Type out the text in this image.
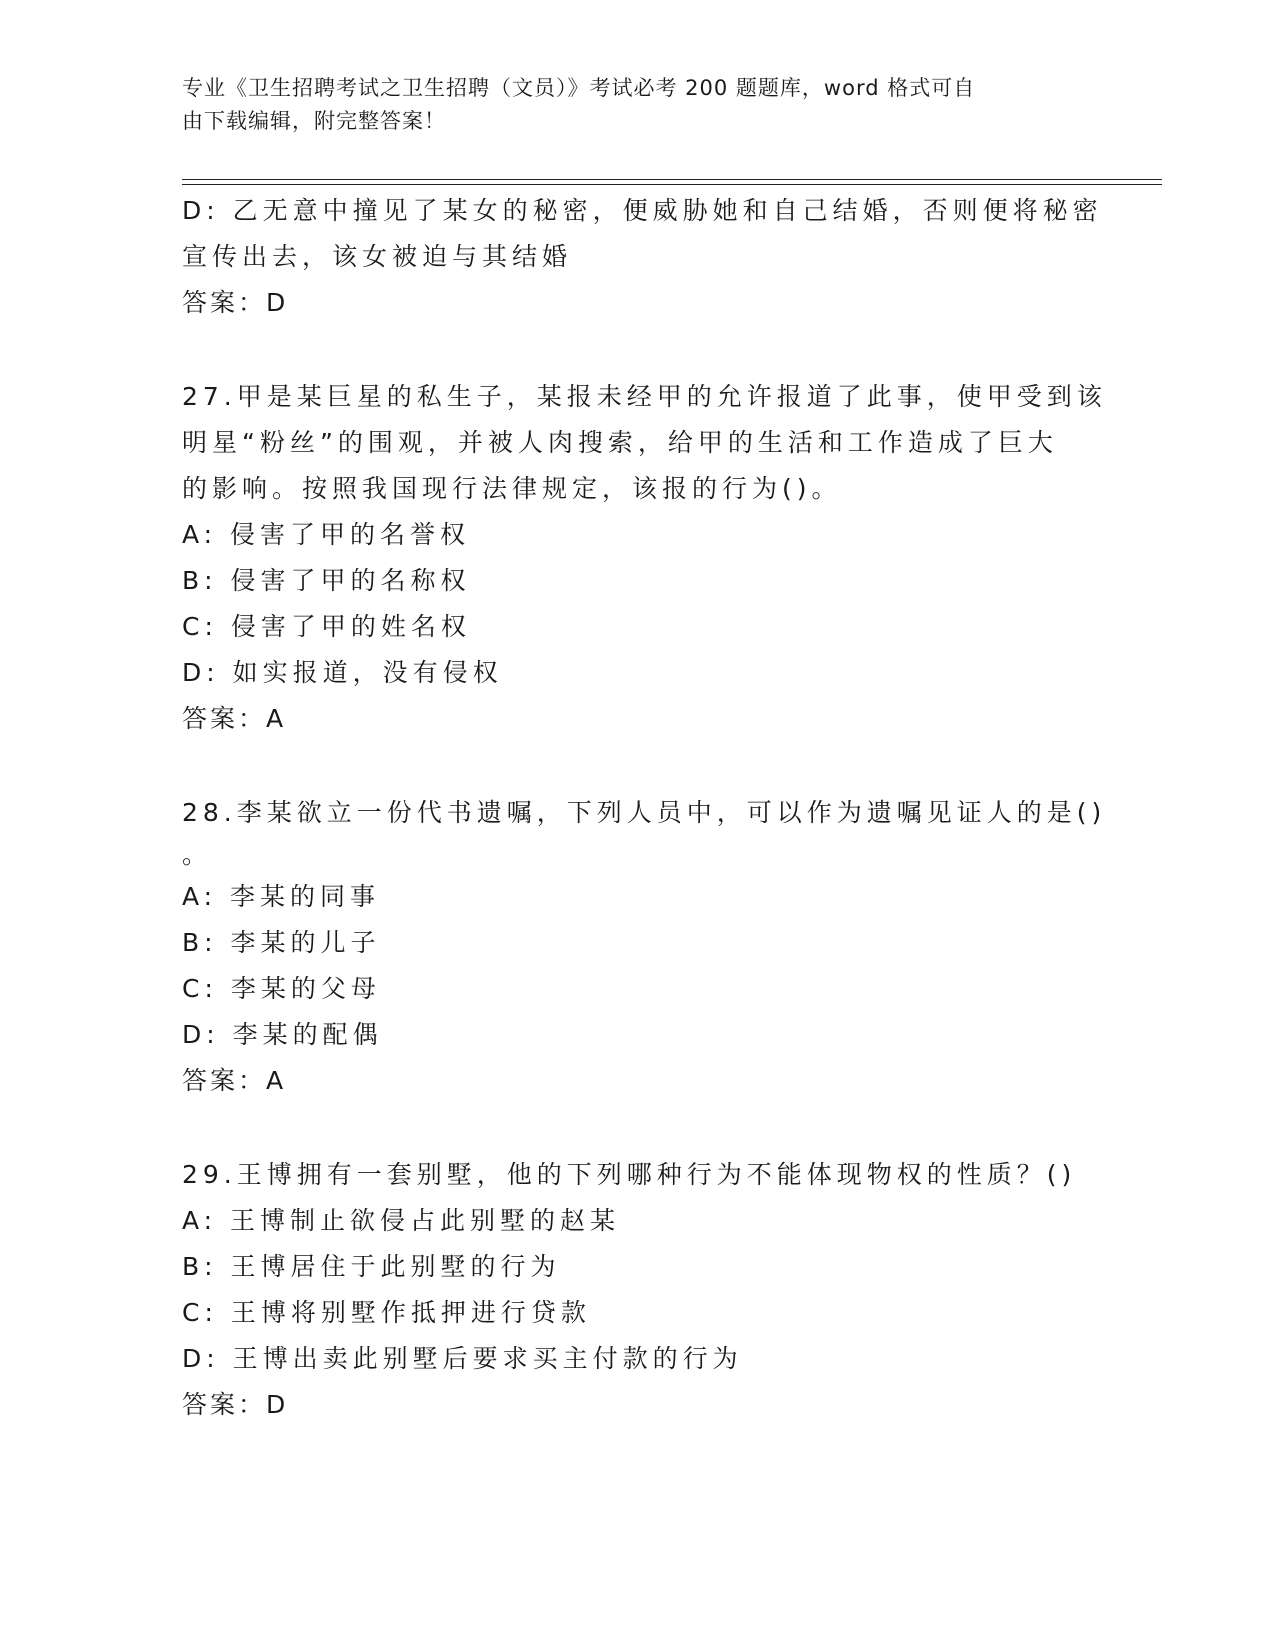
专业《卫生招聘考试之卫生招聘（文员）》考试必考 200 题题库，word 格式可自
由下载编辑，附完整答案！
D: 乙无意中撞见了某女的秘密，便威胁她和自己结婚，否则便将秘密
宣传出去，该女被迫与其结婚
答案：D
27.甲是某巨星的私生子，某报未经甲的允许报道了此事，使甲受到该
明星“粉丝”的围观，并被人肉搜索，给甲的生活和工作造成了巨大
的影响。按照我国现行法律规定，该报的行为()。
A: 侵害了甲的名誉权
B: 侵害了甲的名称权
C: 侵害了甲的姓名权
D: 如实报道，没有侵权
答案：A
28.李某欲立一份代书遗嘱，下列人员中，可以作为遗嘱见证人的是()
。
A: 李某的同事
B: 李某的儿子
C: 李某的父母
D: 李某的配偶
答案：A
29.王博拥有一套别墅，他的下列哪种行为不能体现物权的性质？()
A: 王博制止欲侵占此别墅的赵某
B: 王博居住于此别墅的行为
C: 王博将别墅作抵押进行贷款
D: 王博出卖此别墅后要求买主付款的行为
答案：D
